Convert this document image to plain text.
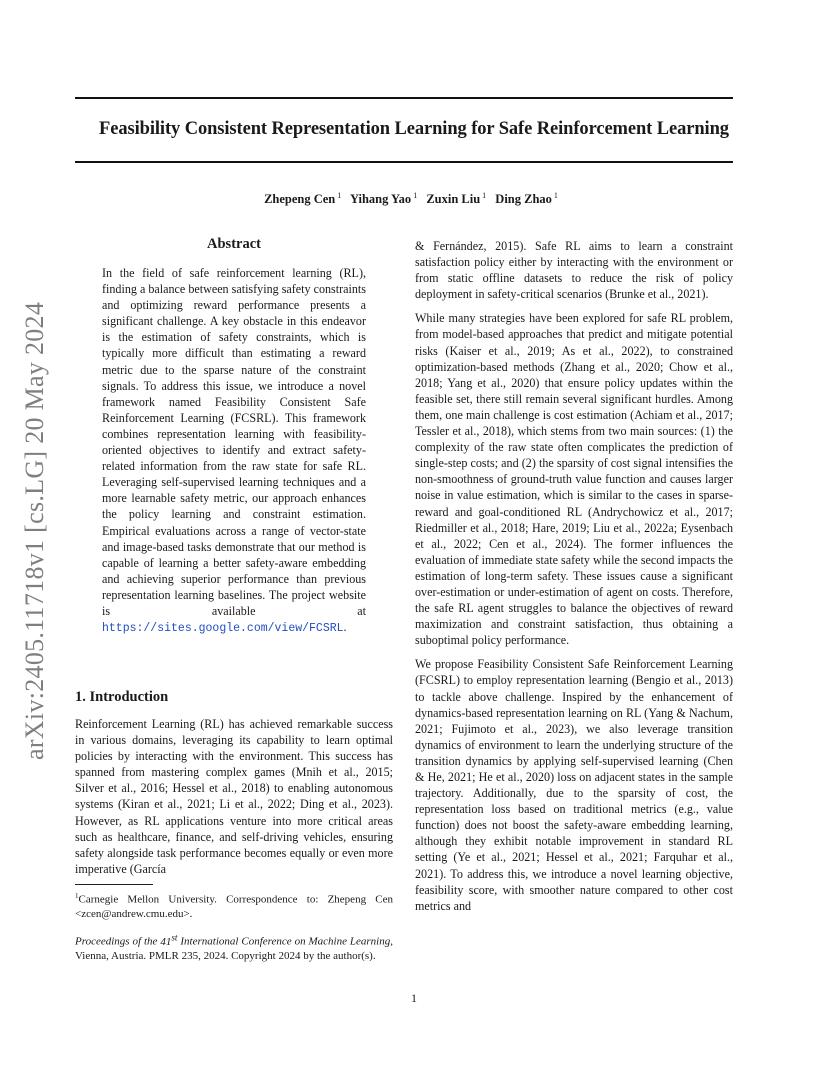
Feasibility Consistent Representation Learning for Safe Reinforcement Learning
Zhepeng Cen $^1$ Yihang Yao $^1$ Zuxin Liu $^1$ Ding Zhao $^1$
arXiv:2405.11718v1 [cs.LG] 20 May 2024
Abstract
In the field of safe reinforcement learning (RL), finding a balance between satisfying safety constraints and optimizing reward performance presents a significant challenge. A key obstacle in this endeavor is the estimation of safety constraints, which is typically more difficult than estimating a reward metric due to the sparse nature of the constraint signals. To address this issue, we introduce a novel framework named Feasibility Consistent Safe Reinforcement Learning (FCSRL). This framework combines representation learning with feasibility-oriented objectives to identify and extract safety-related information from the raw state for safe RL. Leveraging self-supervised learning techniques and a more learnable safety metric, our approach enhances the policy learning and constraint estimation. Empirical evaluations across a range of vector-state and image-based tasks demonstrate that our method is capable of learning a better safety-aware embedding and achieving superior performance than previous representation learning baselines. The project website is available at https://sites.google.com/view/FCSRL.
1. Introduction
Reinforcement Learning (RL) has achieved remarkable success in various domains, leveraging its capability to learn optimal policies by interacting with the environment. This success has spanned from mastering complex games (Mnih et al., 2015; Silver et al., 2016; Hessel et al., 2018) to enabling autonomous systems (Kiran et al., 2021; Li et al., 2022; Ding et al., 2023). However, as RL applications venture into more critical areas such as healthcare, finance, and self-driving vehicles, ensuring safety alongside task performance becomes equally or even more imperative (García
$^1$Carnegie Mellon University. Correspondence to: Zhepeng Cen <zcen@andrew.cmu.edu>.
Proceedings of the 41st International Conference on Machine Learning, Vienna, Austria. PMLR 235, 2024. Copyright 2024 by the author(s).

& Fernández, 2015). Safe RL aims to learn a constraint satisfaction policy either by interacting with the environment or from static offline datasets to reduce the risk of policy deployment in safety-critical scenarios (Brunke et al., 2021).

While many strategies have been explored for safe RL problem, from model-based approaches that predict and mitigate potential risks (Kaiser et al., 2019; As et al., 2022), to constrained optimization-based methods (Zhang et al., 2020; Chow et al., 2018; Yang et al., 2020) that ensure policy updates within the feasible set, there still remain several significant hurdles. Among them, one main challenge is cost estimation (Achiam et al., 2017; Tessler et al., 2018), which stems from two main sources: (1) the complexity of the raw state often complicates the prediction of single-step costs; and (2) the sparsity of cost signal intensifies the non-smoothness of ground-truth value function and causes larger noise in value estimation, which is similar to the cases in sparse-reward and goal-conditioned RL (Andrychowicz et al., 2017; Riedmiller et al., 2018; Hare, 2019; Liu et al., 2022a; Eysenbach et al., 2022; Cen et al., 2024). The former influences the evaluation of immediate state safety while the second impacts the estimation of long-term safety. These issues cause a significant over-estimation or under-estimation of agent on costs. Therefore, the safe RL agent struggles to balance the objectives of reward maximization and constraint satisfaction, thus obtaining a suboptimal policy performance.

We propose Feasibility Consistent Safe Reinforcement Learning (FCSRL) to employ representation learning (Bengio et al., 2013) to tackle above challenge. Inspired by the enhancement of dynamics-based representation learning on RL (Yang & Nachum, 2021; Fujimoto et al., 2023), we also leverage transition dynamics of environment to learn the underlying structure of the transition dynamics by applying self-supervised learning (Chen & He, 2021; He et al., 2020) loss on adjacent states in the sample trajectory. Additionally, due to the sparsity of cost, the representation loss based on traditional metrics (e.g., value function) does not boost the safety-aware embedding learning, although they exhibit notable improvement in standard RL setting (Ye et al., 2021; Hessel et al., 2021; Farquhar et al., 2021). To address this, we introduce a novel learning objective, feasibility score, with smoother nature compared to other cost metrics and

1
